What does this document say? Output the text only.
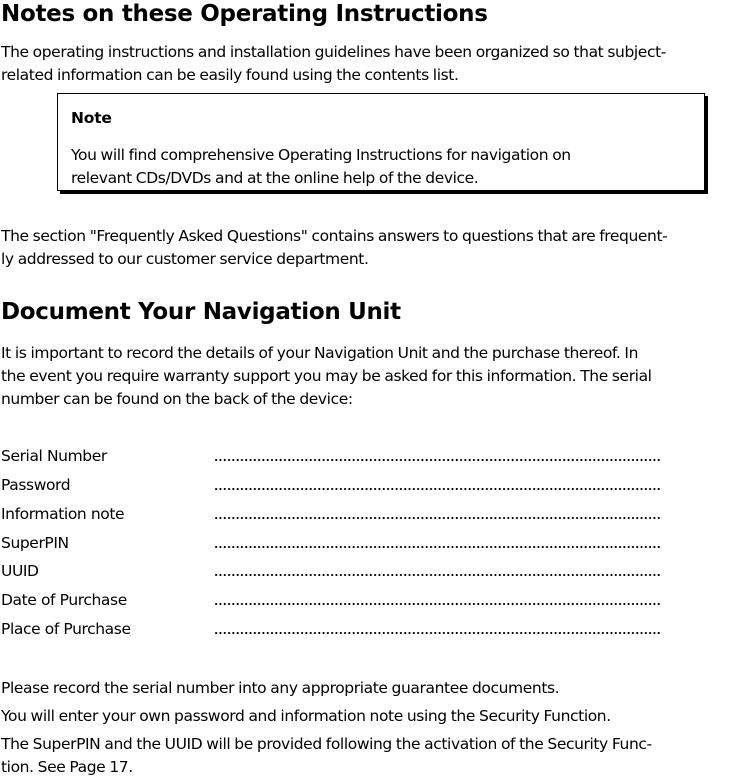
Notes on these Operating Instructions
The operating instructions and installation guidelines have been organized so that subject-
related information can be easily found using the contents list.
Note
You will find comprehensive Operating Instructions for navigation on
relevant CDs/DVDs and at the online help of the device.
The section "Frequently Asked Questions" contains answers to questions that are frequent-
ly addressed to our customer service department.
Document Your Navigation Unit
It is important to record the details of your Navigation Unit and the purchase thereof. In
the event you require warranty support you may be asked for this information. The serial
number can be found on the back of the device:
Serial Number
Password
Information note
SuperPIN
UUID
Date of Purchase
Place of Purchase
Please record the serial number into any appropriate guarantee documents.
You will enter your own password and information note using the Security Function.
The SuperPIN and the UUID will be provided following the activation of the Security Func-
tion. See Page 17.
